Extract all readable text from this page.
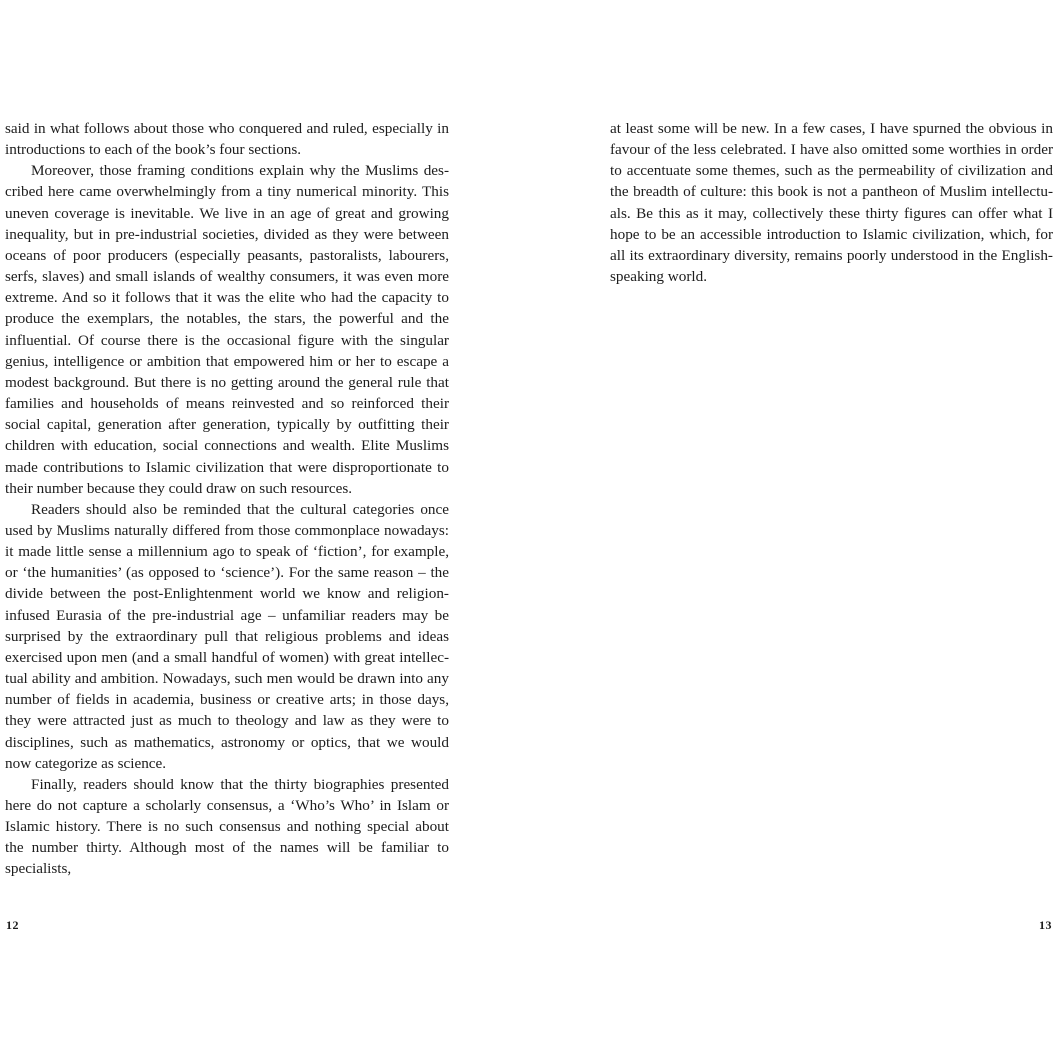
said in what follows about those who conquered and ruled, especially in introductions to each of the book’s four sections.

Moreover, those framing conditions explain why the Muslims described here came overwhelmingly from a tiny numerical minority. This uneven coverage is inevitable. We live in an age of great and growing inequality, but in pre-industrial societies, divided as they were between oceans of poor producers (especially peasants, pastoralists, labourers, serfs, slaves) and small islands of wealthy consumers, it was even more extreme. And so it follows that it was the elite who had the capacity to produce the exemplars, the notables, the stars, the powerful and the influential. Of course there is the occasional figure with the singular genius, intelligence or ambition that empowered him or her to escape a modest background. But there is no getting around the general rule that families and households of means reinvested and so reinforced their social capital, generation after generation, typically by outfitting their children with education, social connections and wealth. Elite Muslims made contributions to Islamic civilization that were disproportionate to their number because they could draw on such resources.

Readers should also be reminded that the cultural categories once used by Muslims naturally differed from those commonplace nowadays: it made little sense a millennium ago to speak of ‘fiction’, for example, or ‘the humanities’ (as opposed to ‘science’). For the same reason – the divide between the post-Enlightenment world we know and religion-infused Eurasia of the pre-industrial age – unfamiliar readers may be surprised by the extraordinary pull that religious problems and ideas exercised upon men (and a small handful of women) with great intellectual ability and ambition. Nowadays, such men would be drawn into any number of fields in academia, business or creative arts; in those days, they were attracted just as much to theology and law as they were to disciplines, such as mathematics, astronomy or optics, that we would now categorize as science.

Finally, readers should know that the thirty biographies presented here do not capture a scholarly consensus, a ‘Who’s Who’ in Islam or Islamic history. There is no such consensus and nothing special about the number thirty. Although most of the names will be familiar to specialists,

at least some will be new. In a few cases, I have spurned the obvious in favour of the less celebrated. I have also omitted some worthies in order to accentuate some themes, such as the permeability of civilization and the breadth of culture: this book is not a pantheon of Muslim intellectuals. Be this as it may, collectively these thirty figures can offer what I hope to be an accessible introduction to Islamic civilization, which, for all its extraordinary diversity, remains poorly understood in the English-speaking world.

12	13
